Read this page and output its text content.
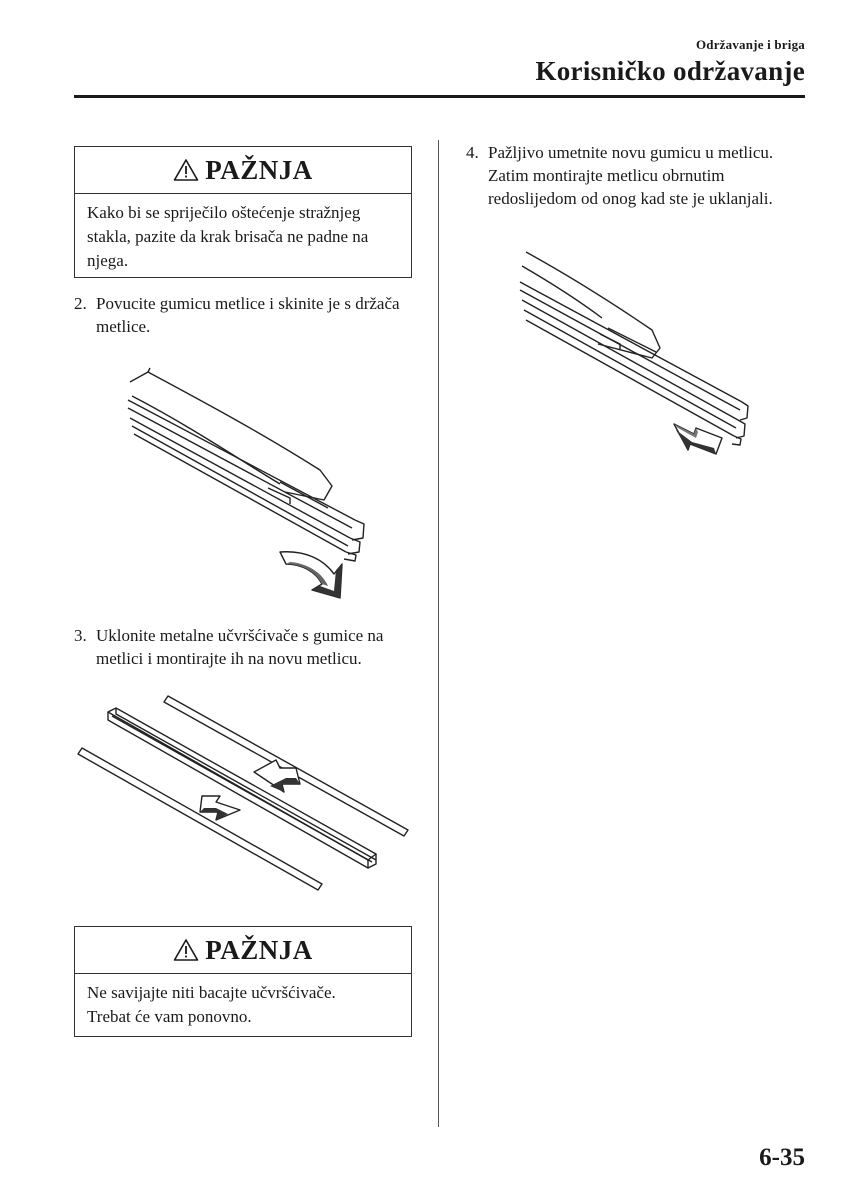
Održavanje i briga
Korisničko održavanje
PAŽNJA
Kako bi se spriječilo oštećenje stražnjeg stakla, pazite da krak brisača ne padne na njega.
2. Povucite gumicu metlice i skinite je s držača metlice.
3. Uklonite metalne učvršćivače s gumice na metlici i montirajte ih na novu metlicu.
PAŽNJA
Ne savijajte niti bacajte učvršćivače.
Trebat će vam ponovno.
4. Pažljivo umetnite novu gumicu u metlicu.
Zatim montirajte metlicu obrnutim redoslijedom od onog kad ste je uklanjali.
6-35
